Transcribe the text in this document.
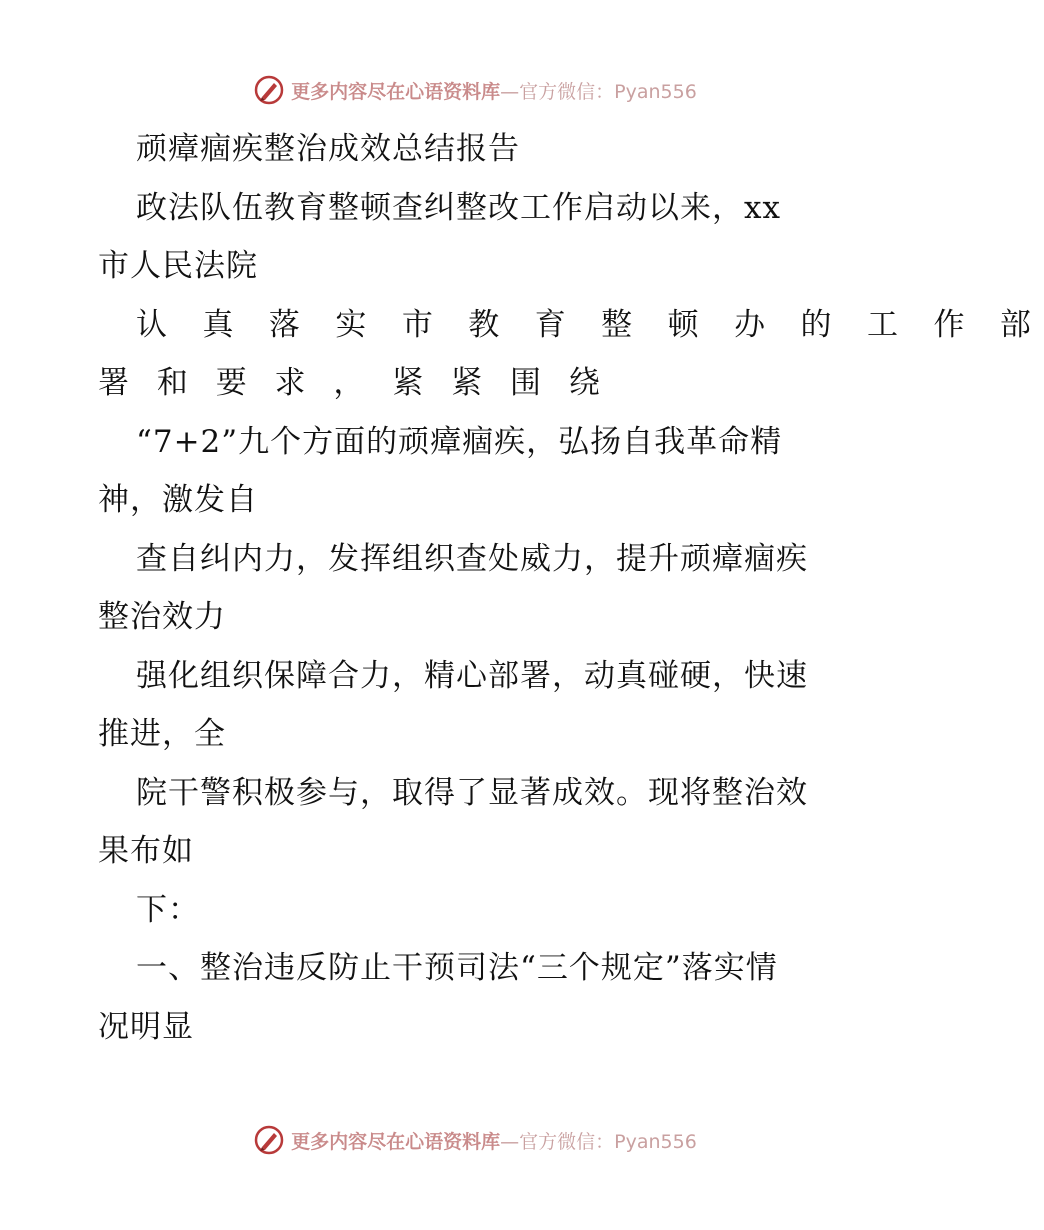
更多内容尽在心语资料库—官方微信：Pyan556
顽瘴痼疾整治成效总结报告
政法队伍教育整顿查纠整改工作启动以来，xx
市人民法院
认 真 落 实 市 教 育 整 顿 办 的 工 作 部
署 和 要 求 ， 紧 紧 围 绕
“7+2”九个方面的顽瘴痼疾，弘扬自我革命精
神，激发自
查自纠内力，发挥组织查处威力，提升顽瘴痼疾
整治效力
强化组织保障合力，精心部署，动真碰硬，快速
推进，全
院干警积极参与，取得了显著成效。现将整治效
果布如
下：
一、整治违反防止干预司法“三个规定”落实情
况明显
更多内容尽在心语资料库—官方微信：Pyan556
